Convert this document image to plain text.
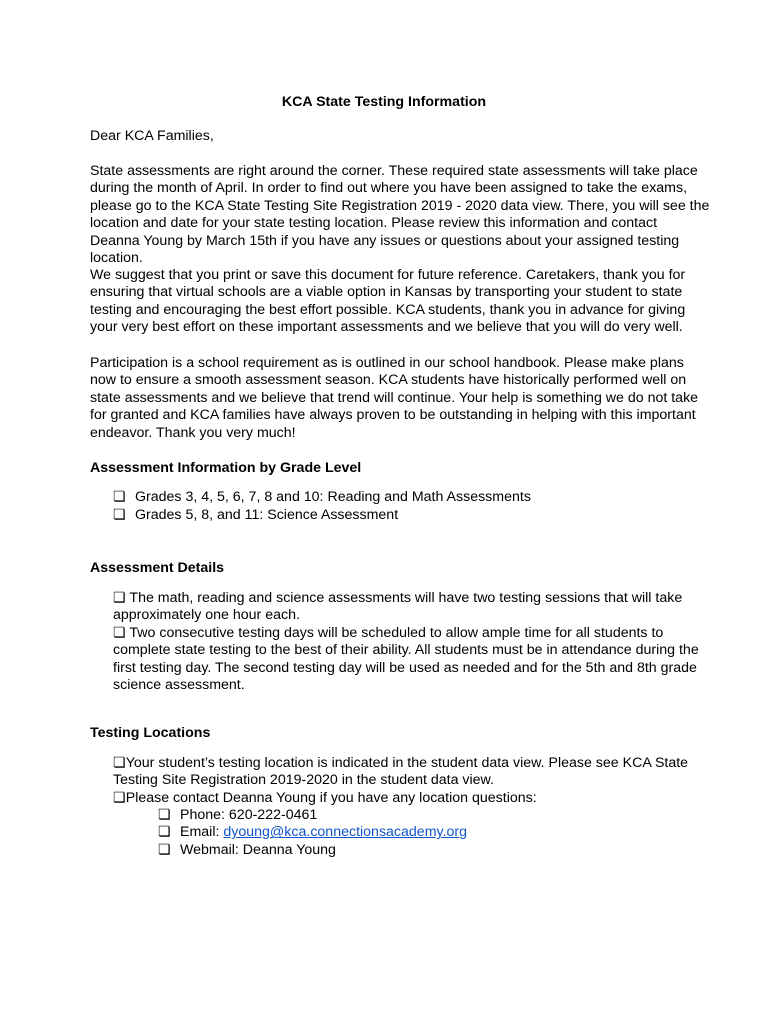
KCA State Testing Information
Dear KCA Families,
State assessments are right around the corner. These required state assessments will take place during the month of April. In order to find out where you have been assigned to take the exams, please go to the KCA State Testing Site Registration 2019 - 2020 data view. There, you will see the location and date for your state testing location. Please review this information and contact Deanna Young by March 15th if you have any issues or questions about your assigned testing location.
We suggest that you print or save this document for future reference. Caretakers, thank you for ensuring that virtual schools are a viable option in Kansas by transporting your student to state testing and encouraging the best effort possible. KCA students, thank you in advance for giving your very best effort on these important assessments and we believe that you will do very well.
Participation is a school requirement as is outlined in our school handbook. Please make plans now to ensure a smooth assessment season. KCA students have historically performed well on state assessments and we believe that trend will continue. Your help is something we do not take for granted and KCA families have always proven to be outstanding in helping with this important endeavor. Thank you very much!
Assessment Information by Grade Level
❏ Grades 3, 4, 5, 6, 7, 8 and 10: Reading and Math Assessments
❏ Grades 5, 8, and 11: Science Assessment
Assessment Details
❏ The math, reading and science assessments will have two testing sessions that will take approximately one hour each.
❏ Two consecutive testing days will be scheduled to allow ample time for all students to complete state testing to the best of their ability. All students must be in attendance during the first testing day. The second testing day will be used as needed and for the 5th and 8th grade science assessment.
Testing Locations
❏Your student’s testing location is indicated in the student data view. Please see KCA State Testing Site Registration 2019-2020 in the student data view.
❏Please contact Deanna Young if you have any location questions:
❏ Phone: 620-222-0461
❏ Email: dyoung@kca.connectionsacademy.org
❏ Webmail: Deanna Young
